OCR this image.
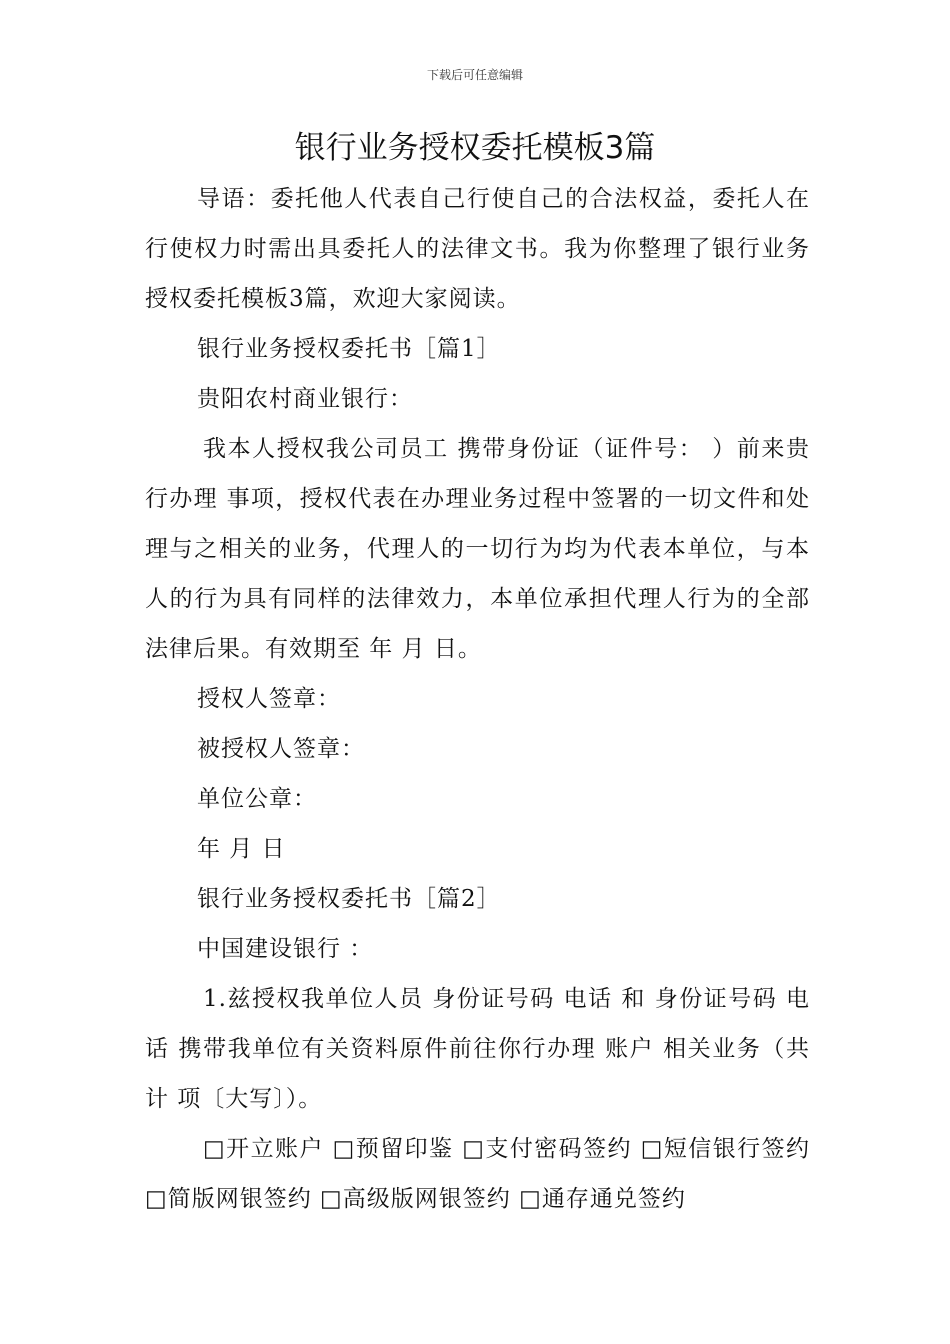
下载后可任意编辑
银行业务授权委托模板3篇

导语：委托他人代表自己行使自己的合法权益，委托人在行使权力时需出具委托人的法律文书。我为你整理了银行业务授权委托模板3篇，欢迎大家阅读。

银行业务授权委托书［篇1］

贵阳农村商业银行：

我本人授权我公司员工 携带身份证（证件号： ）前来贵行办理 事项，授权代表在办理业务过程中签署的一切文件和处理与之相关的业务，代理人的一切行为均为代表本单位，与本人的行为具有同样的法律效力，本单位承担代理人行为的全部法律后果。有效期至 年 月 日。

授权人签章：

被授权人签章：

单位公章：

年 月 日

银行业务授权委托书［篇2］

中国建设银行 ：

1.兹授权我单位人员 身份证号码 电话 和 身份证号码 电话 携带我单位有关资料原件前往你行办理 账户 相关业务（共计 项〔大写〕）。

□开立账户 □预留印鉴 □支付密码签约 □短信银行签约 □简版网银签约 □高级版网银签约 □通存通兑签约
